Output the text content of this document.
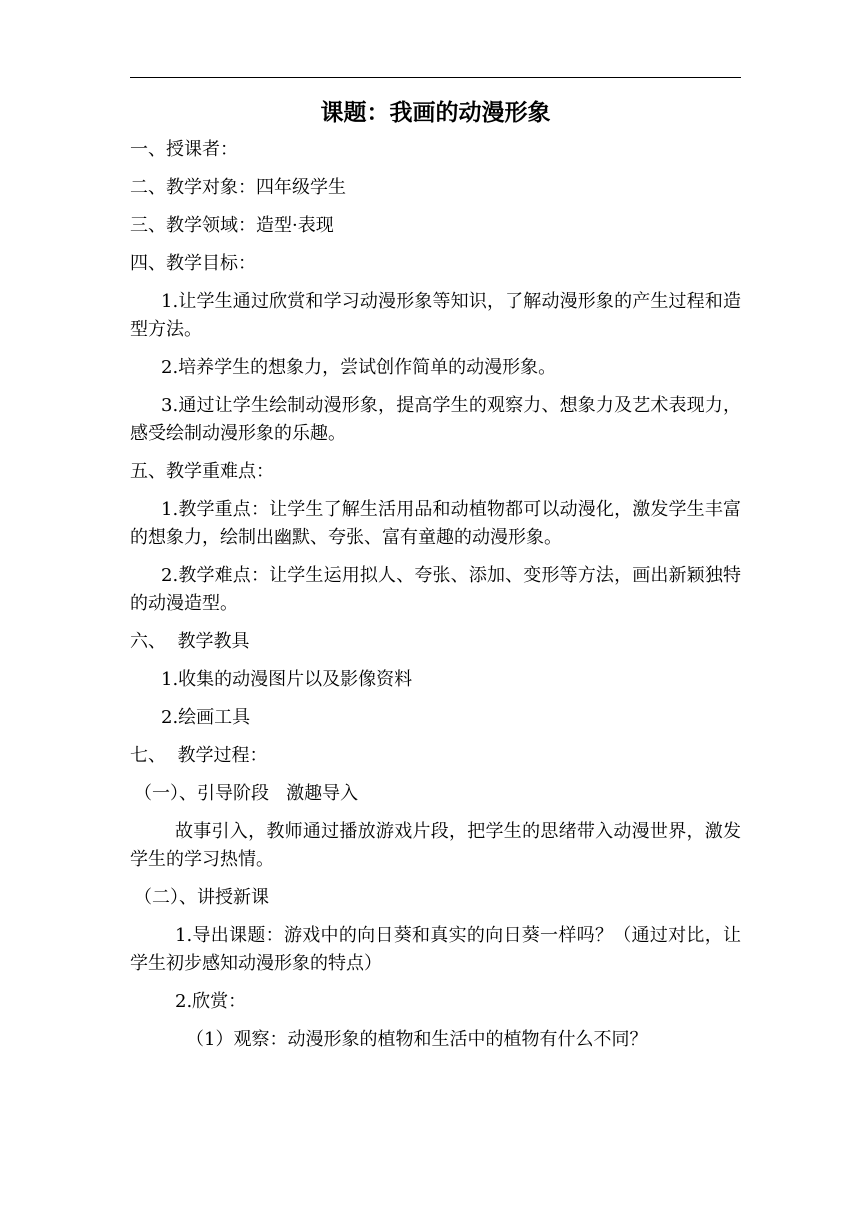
课题：我画的动漫形象
一、授课者：
二、教学对象：四年级学生
三、教学领域：造型·表现
四、教学目标：
1.让学生通过欣赏和学习动漫形象等知识，了解动漫形象的产生过程和造型方法。
2.培养学生的想象力，尝试创作简单的动漫形象。
3.通过让学生绘制动漫形象，提高学生的观察力、想象力及艺术表现力，感受绘制动漫形象的乐趣。
五、教学重难点：
1.教学重点：让学生了解生活用品和动植物都可以动漫化，激发学生丰富的想象力，绘制出幽默、夸张、富有童趣的动漫形象。
2.教学难点：让学生运用拟人、夸张、添加、变形等方法，画出新颖独特的动漫造型。
六、  教学教具
1.收集的动漫图片以及影像资料
2.绘画工具
七、  教学过程：
（一）、引导阶段   激趣导入
故事引入，教师通过播放游戏片段，把学生的思绪带入动漫世界，激发学生的学习热情。
（二）、讲授新课
1.导出课题：游戏中的向日葵和真实的向日葵一样吗？（通过对比，让学生初步感知动漫形象的特点）
2.欣赏：
（1）观察：动漫形象的植物和生活中的植物有什么不同？
